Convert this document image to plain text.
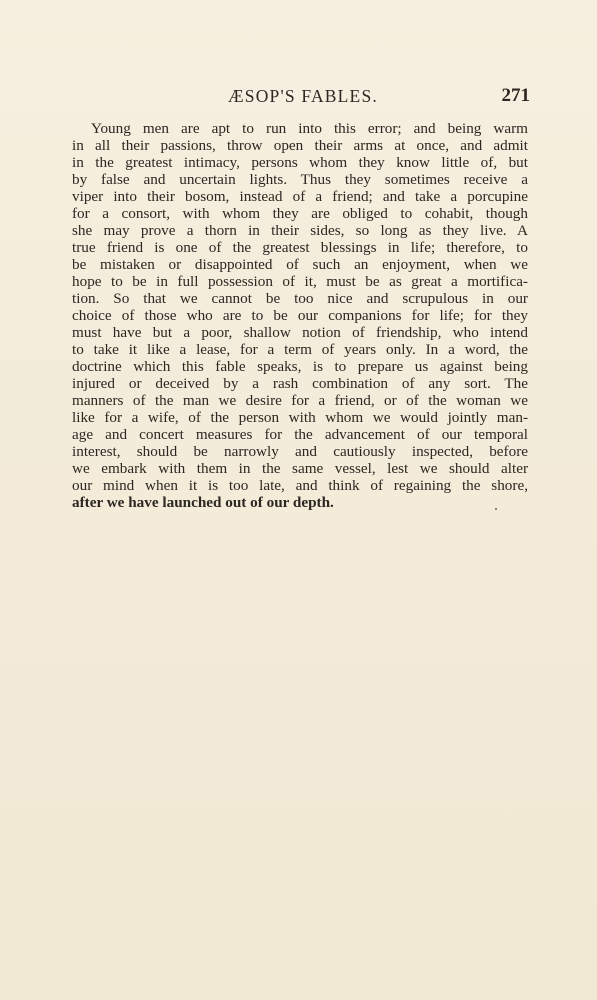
ÆSOP'S FABLES.	271

Young men are apt to run into this error; and being warm
in all their passions, throw open their arms at once, and admit
in the greatest intimacy, persons whom they know little of, but
by false and uncertain lights. Thus they sometimes receive a
viper into their bosom, instead of a friend; and take a porcupine
for a consort, with whom they are obliged to cohabit, though
she may prove a thorn in their sides, so long as they live. A
true friend is one of the greatest blessings in life; therefore, to
be mistaken or disappointed of such an enjoyment, when we
hope to be in full possession of it, must be as great a mortifica-
tion. So that we cannot be too nice and scrupulous in our
choice of those who are to be our companions for life; for they
must have but a poor, shallow notion of friendship, who intend
to take it like a lease, for a term of years only. In a word, the
doctrine which this fable speaks, is to prepare us against being
injured or deceived by a rash combination of any sort. The
manners of the man we desire for a friend, or of the woman we
like for a wife, of the person with whom we would jointly man-
age and concert measures for the advancement of our temporal
interest, should be narrowly and cautiously inspected, before
we embark with them in the same vessel, lest we should alter
our mind when it is too late, and think of regaining the shore,
after we have launched out of our depth.
